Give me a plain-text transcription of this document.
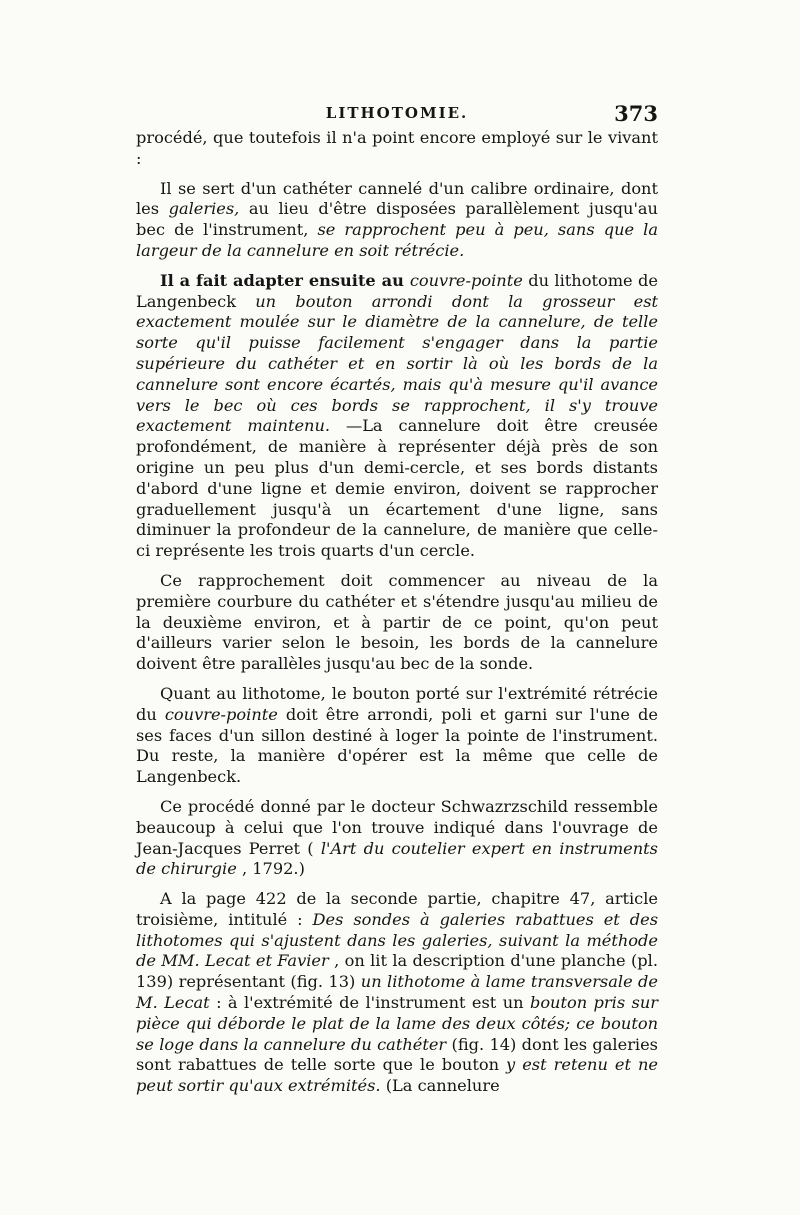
LITHOTOMIE.	373

procédé, que toutefois il n'a point encore employé sur le vivant :

Il se sert d'un cathéter cannelé d'un calibre ordinaire, dont les galeries, au lieu d'être disposées parallèlement jusqu'au bec de l'instrument, se rapprochent peu à peu, sans que la largeur de la cannelure en soit rétrécie.

Il a fait adapter ensuite au couvre-pointe du lithotome de Langenbeck un bouton arrondi dont la grosseur est exactement moulée sur le diamètre de la cannelure, de telle sorte qu'il puisse facilement s'engager dans la partie supérieure du cathéter et en sortir là où les bords de la cannelure sont encore écartés, mais qu'à mesure qu'il avance vers le bec où ces bords se rapprochent, il s'y trouve exactement maintenu. —La cannelure doit être creusée profondément, de manière à représenter déjà près de son origine un peu plus d'un demi-cercle, et ses bords distants d'abord d'une ligne et demie environ, doivent se rapprocher graduellement jusqu'à un écartement d'une ligne, sans diminuer la profondeur de la cannelure, de manière que celle-ci représente les trois quarts d'un cercle.

Ce rapprochement doit commencer au niveau de la première courbure du cathéter et s'étendre jusqu'au milieu de la deuxième environ, et à partir de ce point, qu'on peut d'ailleurs varier selon le besoin, les bords de la cannelure doivent être parallèles jusqu'au bec de la sonde.

Quant au lithotome, le bouton porté sur l'extrémité rétrécie du couvre-pointe doit être arrondi, poli et garni sur l'une de ses faces d'un sillon destiné à loger la pointe de l'instrument. Du reste, la manière d'opérer est la même que celle de Langenbeck.

Ce procédé donné par le docteur Schwazrzschild ressemble beaucoup à celui que l'on trouve indiqué dans l'ouvrage de Jean-Jacques Perret ( l'Art du coutelier expert en instruments de chirurgie , 1792.)

A la page 422 de la seconde partie, chapitre 47, article troisième, intitulé : Des sondes à galeries rabattues et des lithotomes qui s'ajustent dans les galeries, suivant la méthode de MM. Lecat et Favier , on lit la description d'une planche (pl. 139) représentant (fig. 13) un lithotome à lame transversale de M. Lecat : à l'extrémité de l'instrument est un bouton pris sur pièce qui déborde le plat de la lame des deux côtés; ce bouton se loge dans la cannelure du cathéter (fig. 14) dont les galeries sont rabattues de telle sorte que le bouton y est retenu et ne peut sortir qu'aux extrémités. (La cannelure
